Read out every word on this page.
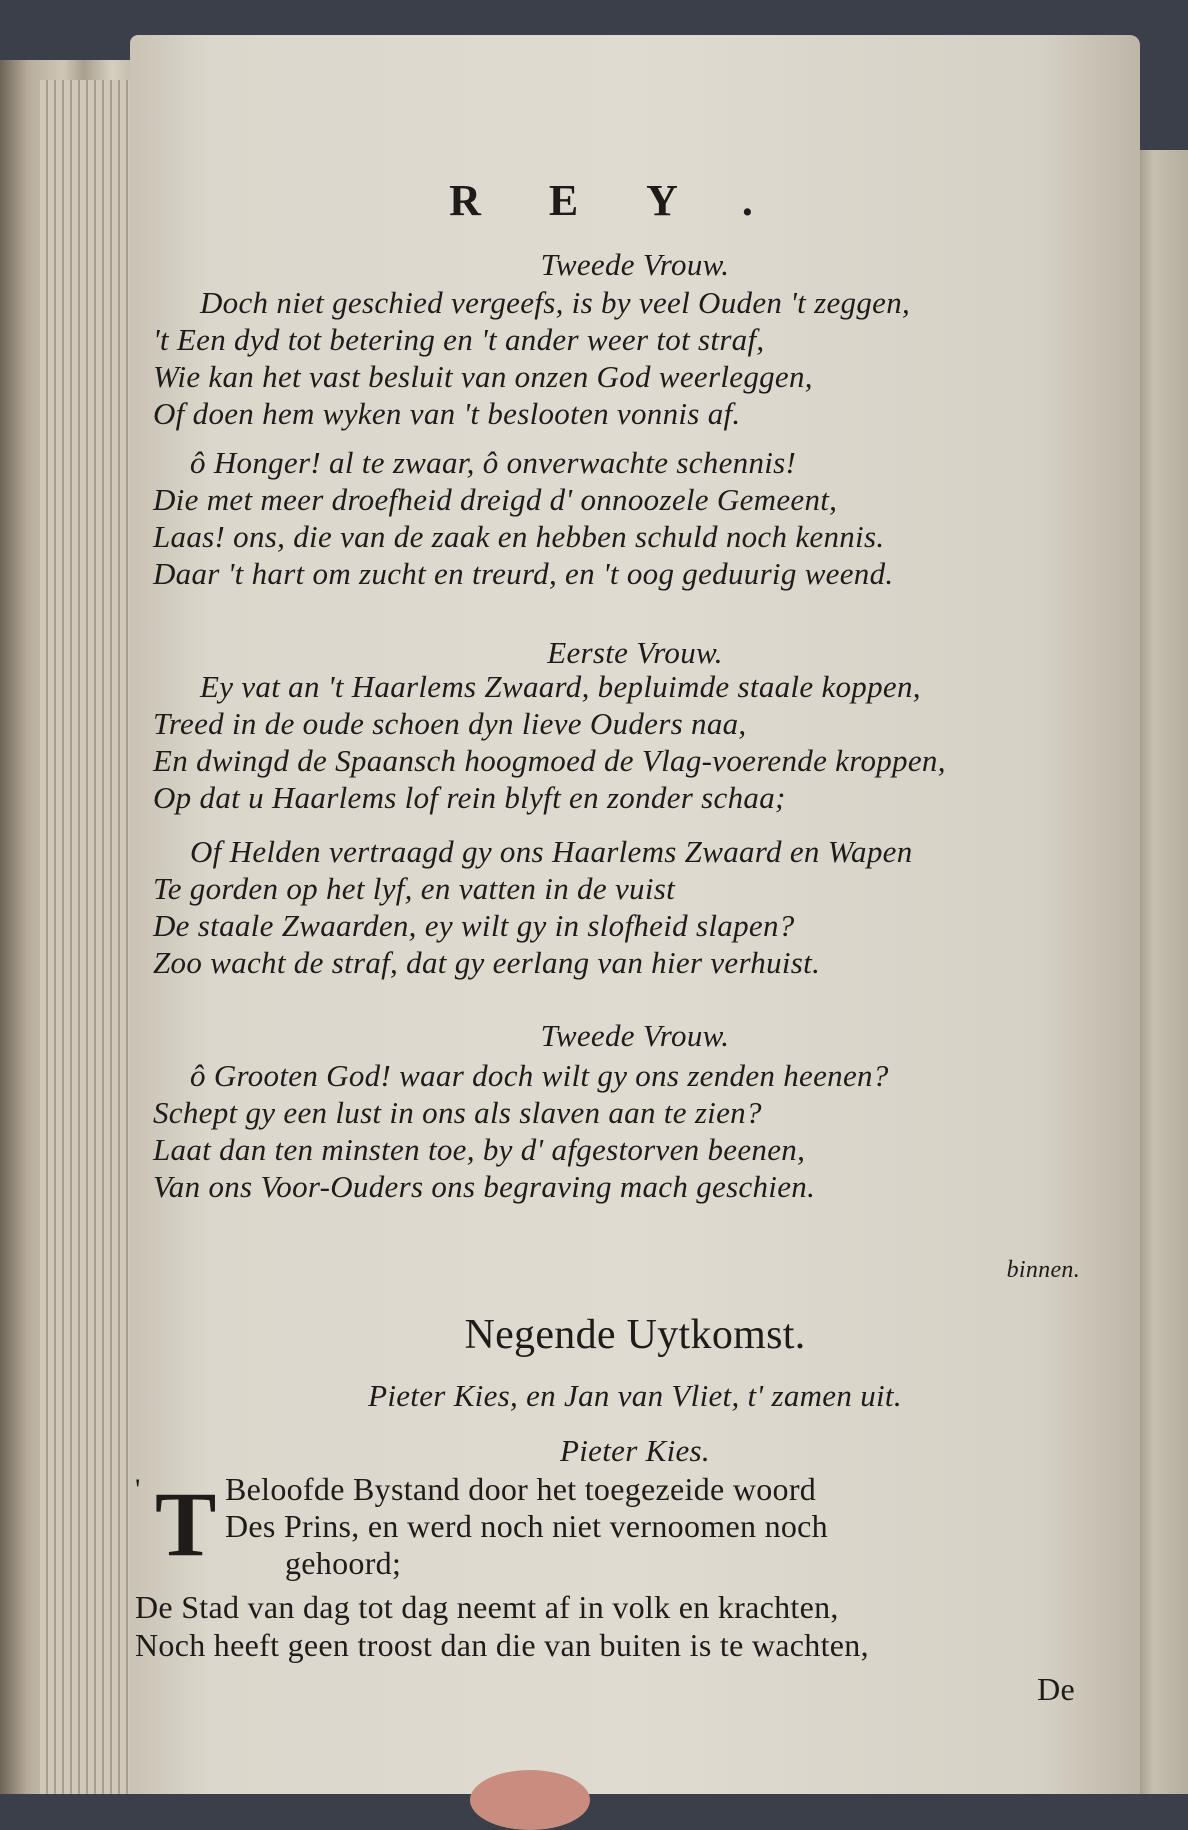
REY.
Tweede Vrouw.
Doch niet geschied vergeefs, is by veel Ouden 't zeggen,
't Een dyd tot betering en 't ander weer tot straf,
Wie kan het vast besluit van onzen God weerleggen,
Of doen hem wyken van 't beslooten vonnis af.
ô Honger! al te zwaar, ô onverwachte schennis!
Die met meer droefheid dreigd d' onnoozele Gemeent,
Laas! ons, die van de zaak en hebben schuld noch kennis.
Daar 't hart om zucht en treurd, en 't oog geduurig weend.
Eerste Vrouw.
Ey vat an 't Haarlems Zwaard, bepluimde staale koppen,
Treed in de oude schoen dyn lieve Ouders naa,
En dwingd de Spaansch hoogmoed de Vlag-voerende kroppen,
Op dat u Haarlems lof rein blyft en zonder schaa;
Of Helden vertraagd gy ons Haarlems Zwaard en Wapen
Te gorden op het lyf, en vatten in de vuist
De staale Zwaarden, ey wilt gy in slofheid slapen?
Zoo wacht de straf, dat gy eerlang van hier verhuist.
Tweede Vrouw.
ô Grooten God! waar doch wilt gy ons zenden heenen?
Schept gy een lust in ons als slaven aan te zien?
Laat dan ten minsten toe, by d' afgestorven beenen,
Van ons Voor-Ouders ons begraving mach geschien.
binnen.
Negende Uytkomst.
Pieter Kies, en Jan van Vliet, t' zamen uit.
Pieter Kies.
'	Beloofde Bystand door het toegezeide woord
Des Prins, en werd noch niet vernoomen noch
gehoord;
De Stad van dag tot dag neemt af in volk en krachten,
Noch heeft geen troost dan die van buiten is te wachten,
De
T
